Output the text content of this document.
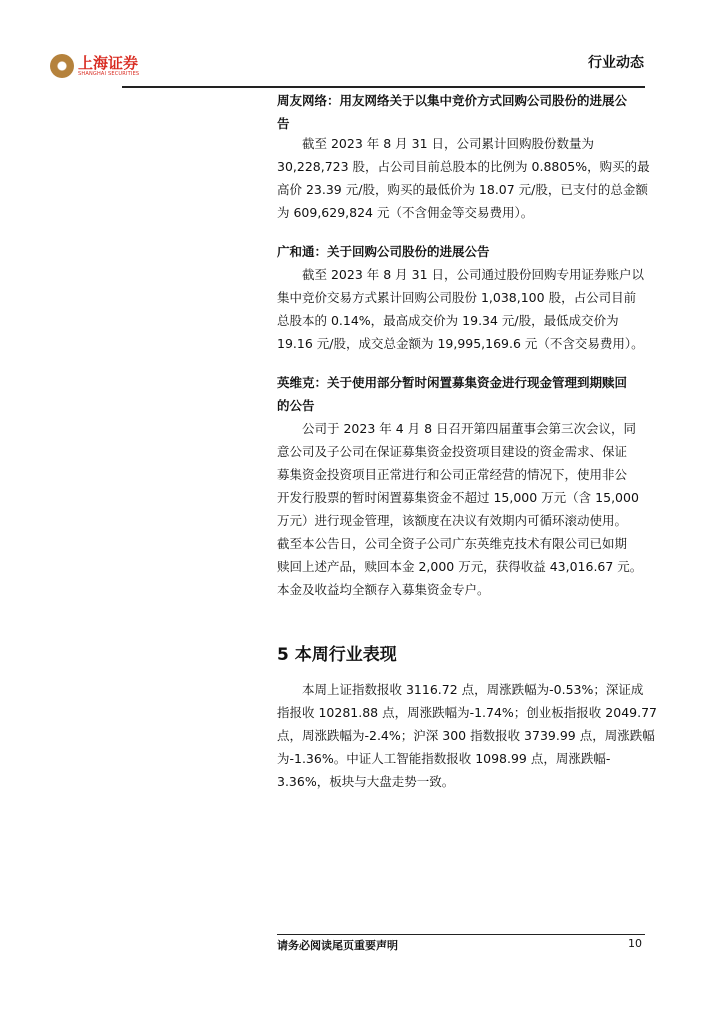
上海证券
SHANGHAI SECURITIES
行业动态
周友网络：用友网络关于以集中竞价方式回购公司股份的进展公
告
截至 2023 年 8 月 31 日，公司累计回购股份数量为
30,228,723 股，占公司目前总股本的比例为 0.8805%，购买的最
高价 23.39 元/股，购买的最低价为 18.07 元/股，已支付的总金额
为 609,629,824 元（不含佣金等交易费用）。
广和通：关于回购公司股份的进展公告
截至 2023 年 8 月 31 日，公司通过股份回购专用证券账户以
集中竞价交易方式累计回购公司股份 1,038,100 股，占公司目前
总股本的 0.14%，最高成交价为 19.34 元/股，最低成交价为
19.16 元/股，成交总金额为 19,995,169.6 元（不含交易费用）。
英维克：关于使用部分暂时闲置募集资金进行现金管理到期赎回
的公告
公司于 2023 年 4 月 8 日召开第四届董事会第三次会议，同
意公司及子公司在保证募集资金投资项目建设的资金需求、保证
募集资金投资项目正常进行和公司正常经营的情况下，使用非公
开发行股票的暂时闲置募集资金不超过 15,000 万元（含 15,000
万元）进行现金管理，该额度在决议有效期内可循环滚动使用。
截至本公告日，公司全资子公司广东英维克技术有限公司已如期
赎回上述产品，赎回本金 2,000 万元，获得收益 43,016.67 元。
本金及收益均全额存入募集资金专户。
5 本周行业表现
本周上证指数报收 3116.72 点，周涨跌幅为-0.53%；深证成
指报收 10281.88 点，周涨跌幅为-1.74%；创业板指报收 2049.77
点，周涨跌幅为-2.4%；沪深 300 指数报收 3739.99 点，周涨跌幅
为-1.36%。中证人工智能指数报收 1098.99 点，周涨跌幅-
3.36%，板块与大盘走势一致。
请务必阅读尾页重要声明	10
